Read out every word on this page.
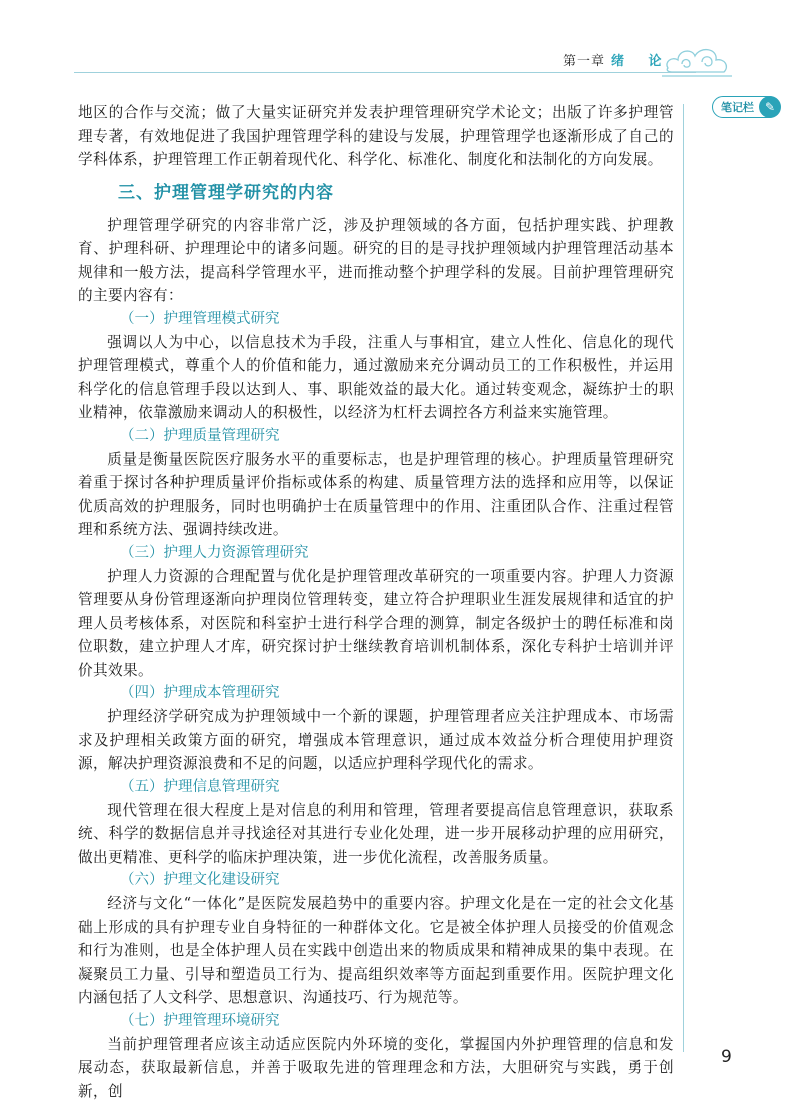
第一章 绪 论
笔记栏 ✎

地区的合作与交流；做了大量实证研究并发表护理管理研究学术论文；出版了许多护理管理专著，有效地促进了我国护理管理学科的建设与发展，护理管理学也逐渐形成了自己的学科体系，护理管理工作正朝着现代化、科学化、标准化、制度化和法制化的方向发展。

三、护理管理学研究的内容

护理管理学研究的内容非常广泛，涉及护理领域的各方面，包括护理实践、护理教育、护理科研、护理理论中的诸多问题。研究的目的是寻找护理领域内护理管理活动基本规律和一般方法，提高科学管理水平，进而推动整个护理学科的发展。目前护理管理研究的主要内容有：

（一）护理管理模式研究

强调以人为中心，以信息技术为手段，注重人与事相宜，建立人性化、信息化的现代护理管理模式，尊重个人的价值和能力，通过激励来充分调动员工的工作积极性，并运用科学化的信息管理手段以达到人、事、职能效益的最大化。通过转变观念，凝练护士的职业精神，依靠激励来调动人的积极性，以经济为杠杆去调控各方利益来实施管理。

（二）护理质量管理研究

质量是衡量医院医疗服务水平的重要标志，也是护理管理的核心。护理质量管理研究着重于探讨各种护理质量评价指标或体系的构建、质量管理方法的选择和应用等，以保证优质高效的护理服务，同时也明确护士在质量管理中的作用、注重团队合作、注重过程管理和系统方法、强调持续改进。

（三）护理人力资源管理研究

护理人力资源的合理配置与优化是护理管理改革研究的一项重要内容。护理人力资源管理要从身份管理逐渐向护理岗位管理转变，建立符合护理职业生涯发展规律和适宜的护理人员考核体系，对医院和科室护士进行科学合理的测算，制定各级护士的聘任标准和岗位职数，建立护理人才库，研究探讨护士继续教育培训机制体系，深化专科护士培训并评价其效果。

（四）护理成本管理研究

护理经济学研究成为护理领域中一个新的课题，护理管理者应关注护理成本、市场需求及护理相关政策方面的研究，增强成本管理意识，通过成本效益分析合理使用护理资源，解决护理资源浪费和不足的问题，以适应护理科学现代化的需求。

（五）护理信息管理研究

现代管理在很大程度上是对信息的利用和管理，管理者要提高信息管理意识，获取系统、科学的数据信息并寻找途径对其进行专业化处理，进一步开展移动护理的应用研究，做出更精准、更科学的临床护理决策，进一步优化流程，改善服务质量。

（六）护理文化建设研究

经济与文化“一体化”是医院发展趋势中的重要内容。护理文化是在一定的社会文化基础上形成的具有护理专业自身特征的一种群体文化。它是被全体护理人员接受的价值观念和行为准则，也是全体护理人员在实践中创造出来的物质成果和精神成果的集中表现。在凝聚员工力量、引导和塑造员工行为、提高组织效率等方面起到重要作用。医院护理文化内涵包括了人文科学、思想意识、沟通技巧、行为规范等。

（七）护理管理环境研究

当前护理管理者应该主动适应医院内外环境的变化，掌握国内外护理管理的信息和发展动态，获取最新信息，并善于吸取先进的管理理念和方法，大胆研究与实践，勇于创新，创

9
